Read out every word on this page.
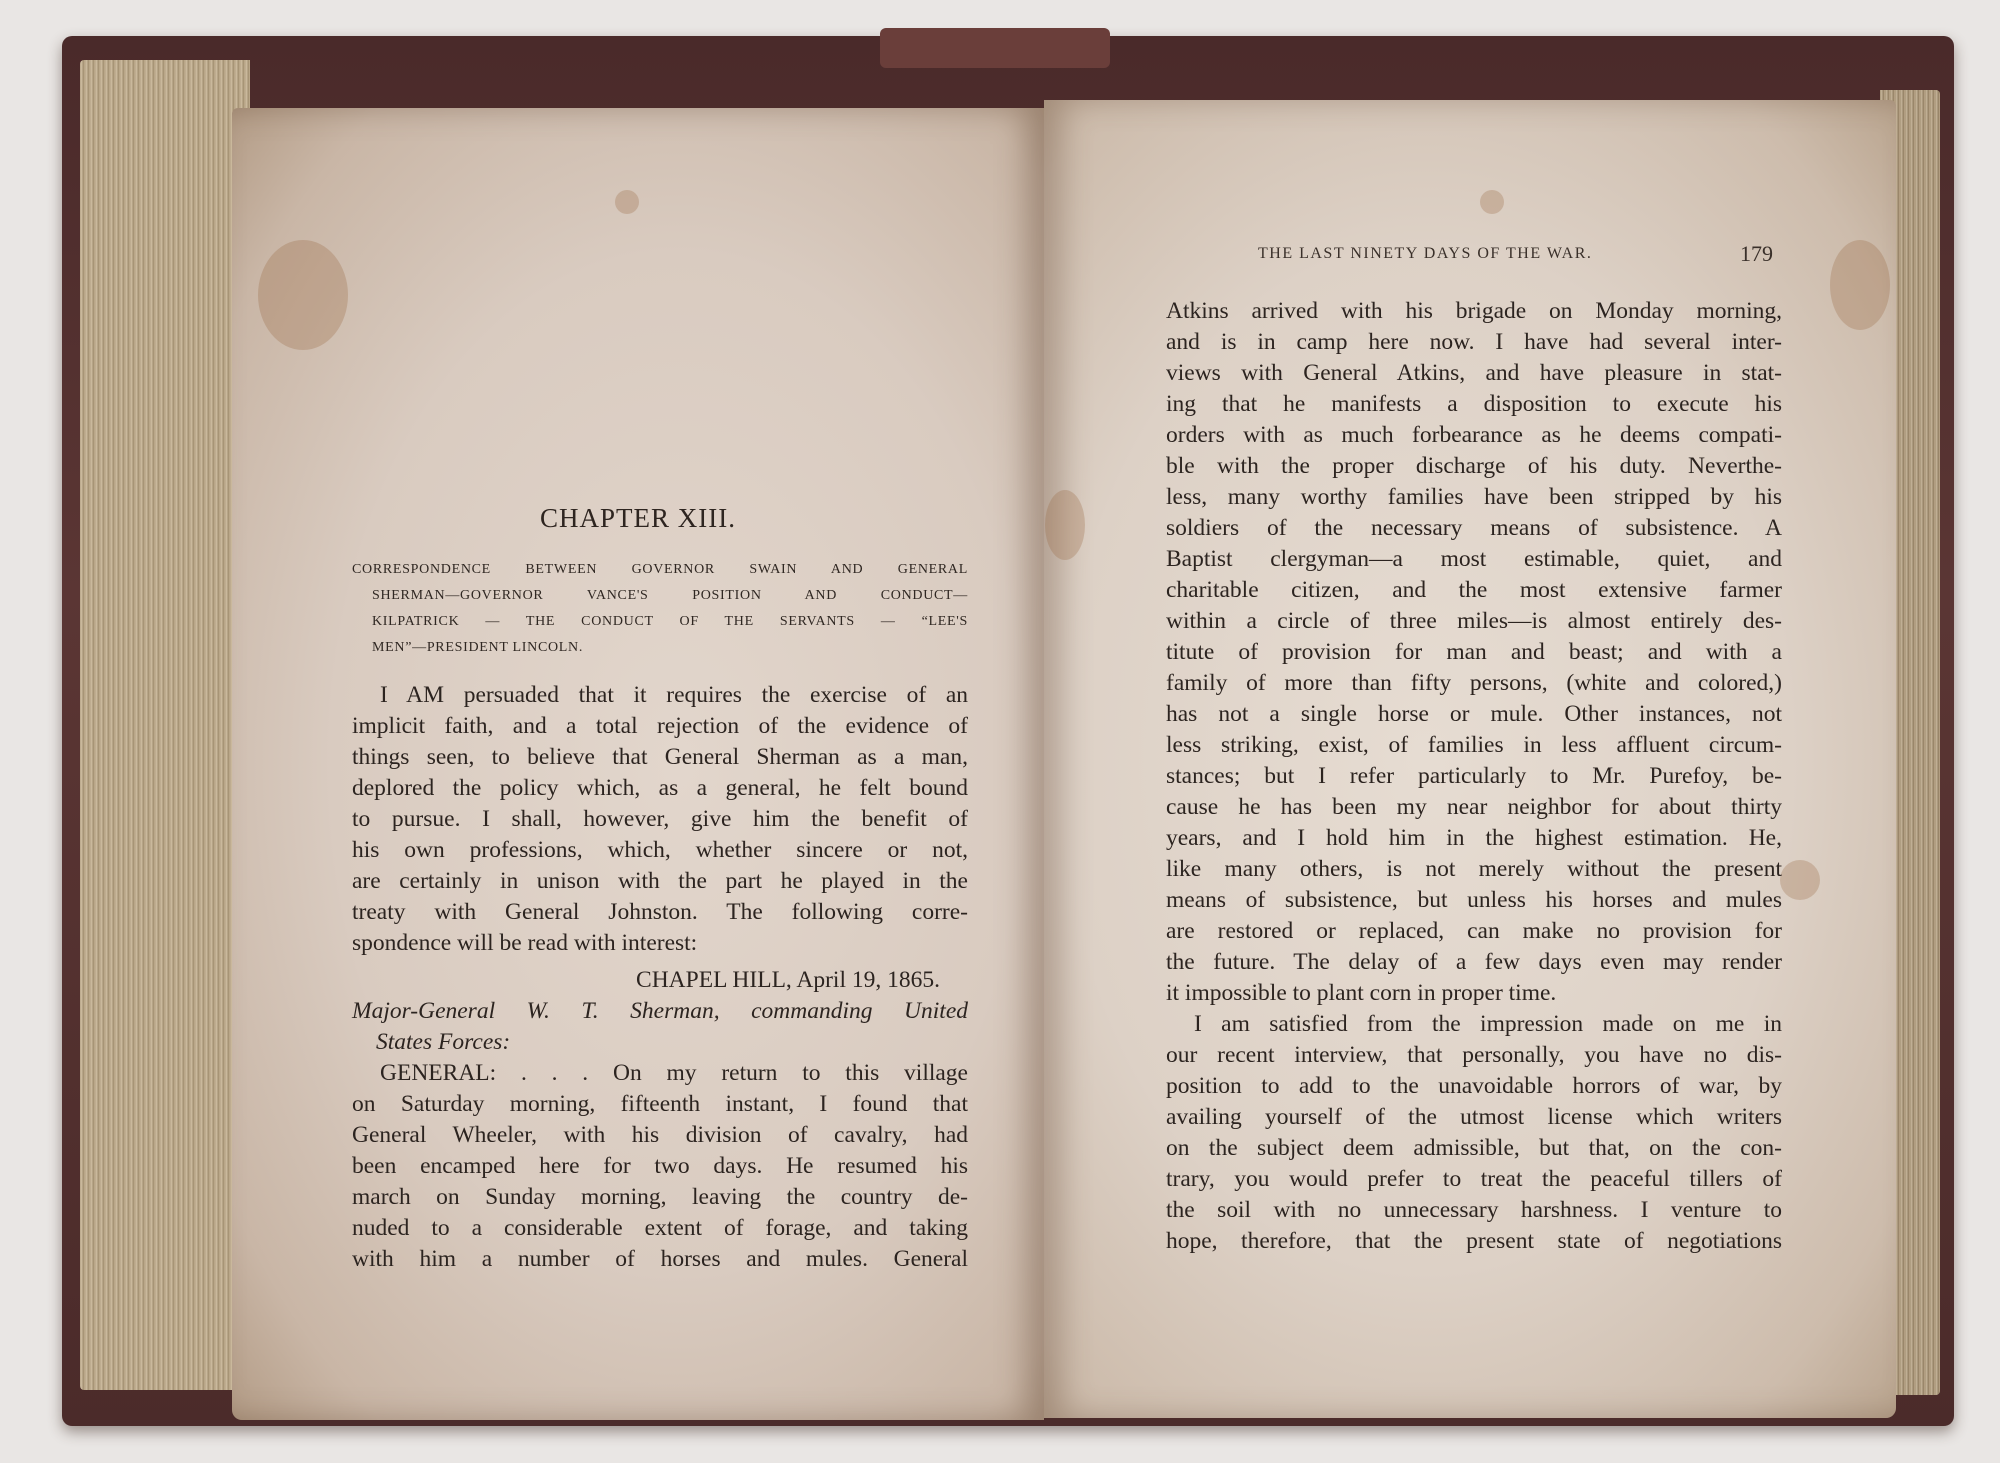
CHAPTER XIII.
CORRESPONDENCE BETWEEN GOVERNOR SWAIN AND GENERAL
SHERMAN—GOVERNOR VANCE'S POSITION AND CONDUCT—
KILPATRICK — THE CONDUCT OF THE SERVANTS — “LEE'S
MEN”—PRESIDENT LINCOLN.
I AM persuaded that it requires the exercise of an
implicit faith, and a total rejection of the evidence of
things seen, to believe that General Sherman as a man,
deplored the policy which, as a general, he felt bound
to pursue. I shall, however, give him the benefit of
his own professions, which, whether sincere or not,
are certainly in unison with the part he played in the
treaty with General Johnston. The following corre-
spondence will be read with interest:
CHAPEL HILL, April 19, 1865.
Major-General W. T. Sherman, commanding United
States Forces:
GENERAL: . . . On my return to this village
on Saturday morning, fifteenth instant, I found that
General Wheeler, with his division of cavalry, had
been encamped here for two days. He resumed his
march on Sunday morning, leaving the country de-
nuded to a considerable extent of forage, and taking
with him a number of horses and mules. General
THE LAST NINETY DAYS OF THE WAR.	179
Atkins arrived with his brigade on Monday morning,
and is in camp here now. I have had several inter-
views with General Atkins, and have pleasure in stat-
ing that he manifests a disposition to execute his
orders with as much forbearance as he deems compati-
ble with the proper discharge of his duty. Neverthe-
less, many worthy families have been stripped by his
soldiers of the necessary means of subsistence. A
Baptist clergyman—a most estimable, quiet, and
charitable citizen, and the most extensive farmer
within a circle of three miles—is almost entirely des-
titute of provision for man and beast; and with a
family of more than fifty persons, (white and colored,)
has not a single horse or mule. Other instances, not
less striking, exist, of families in less affluent circum-
stances; but I refer particularly to Mr. Purefoy, be-
cause he has been my near neighbor for about thirty
years, and I hold him in the highest estimation. He,
like many others, is not merely without the present
means of subsistence, but unless his horses and mules
are restored or replaced, can make no provision for
the future. The delay of a few days even may render
it impossible to plant corn in proper time.
I am satisfied from the impression made on me in
our recent interview, that personally, you have no dis-
position to add to the unavoidable horrors of war, by
availing yourself of the utmost license which writers
on the subject deem admissible, but that, on the con-
trary, you would prefer to treat the peaceful tillers of
the soil with no unnecessary harshness. I venture to
hope, therefore, that the present state of negotiations
